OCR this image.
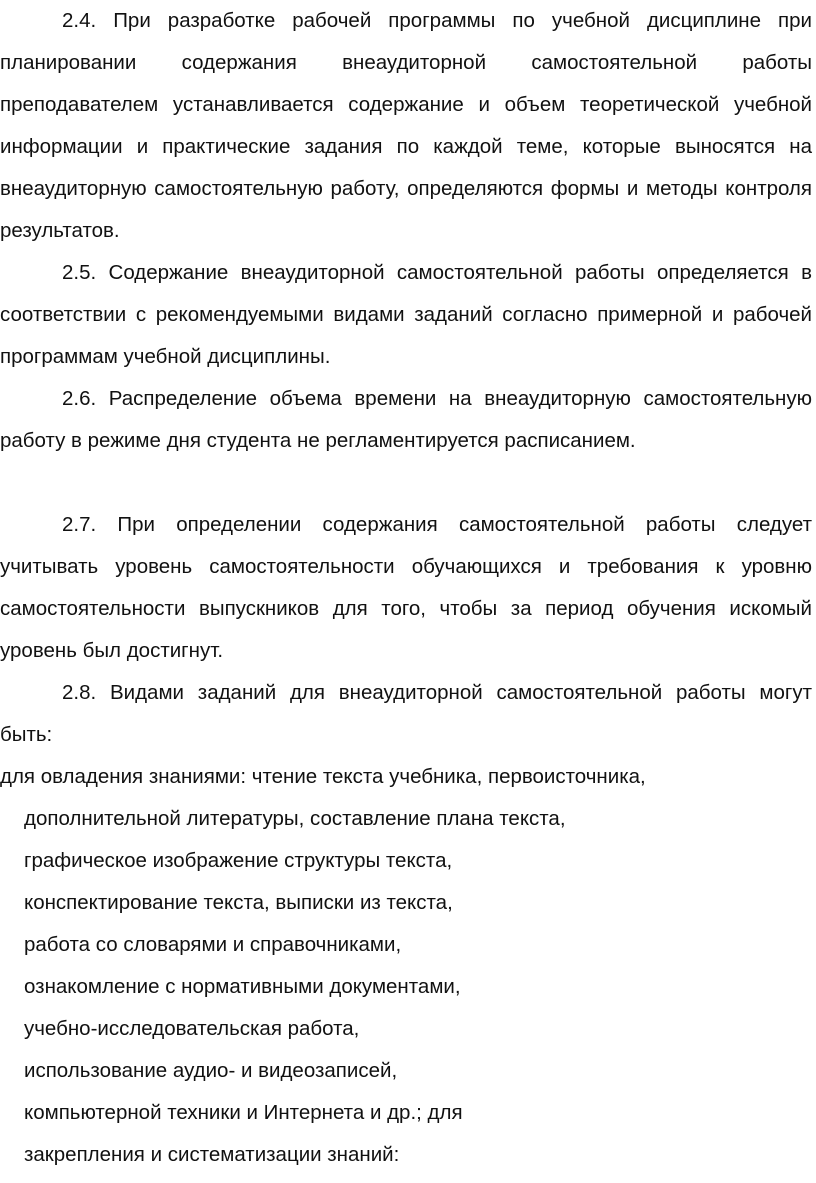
2.4. При разработке рабочей программы по учебной дисциплине при планировании содержания внеаудиторной самостоятельной работы преподавателем устанавливается содержание и объем теоретической учебной информации и практические задания по каждой теме, которые выносятся на внеаудиторную самостоятельную работу, определяются формы и методы контроля результатов.

2.5. Содержание внеаудиторной самостоятельной работы определяется в соответствии с рекомендуемыми видами заданий согласно примерной и рабочей программам учебной дисциплины.

2.6. Распределение объема времени на внеаудиторную самостоятельную работу в режиме дня студента не регламентируется расписанием.

2.7. При определении содержания самостоятельной работы следует учитывать уровень самостоятельности обучающихся и требования к уровню самостоятельности выпускников для того, чтобы за период обучения искомый уровень был достигнут.

2.8. Видами заданий для внеаудиторной самостоятельной работы могут быть:

для овладения знаниями: чтение текста учебника, первоисточника,

дополнительной литературы, составление плана текста,

графическое изображение структуры текста,

конспектирование текста, выписки из текста,

работа со словарями и справочниками,

ознакомление с нормативными документами,

учебно-исследовательская работа,

использование аудио- и видеозаписей,

компьютерной техники и Интернета и др.; для

закрепления и систематизации знаний:
